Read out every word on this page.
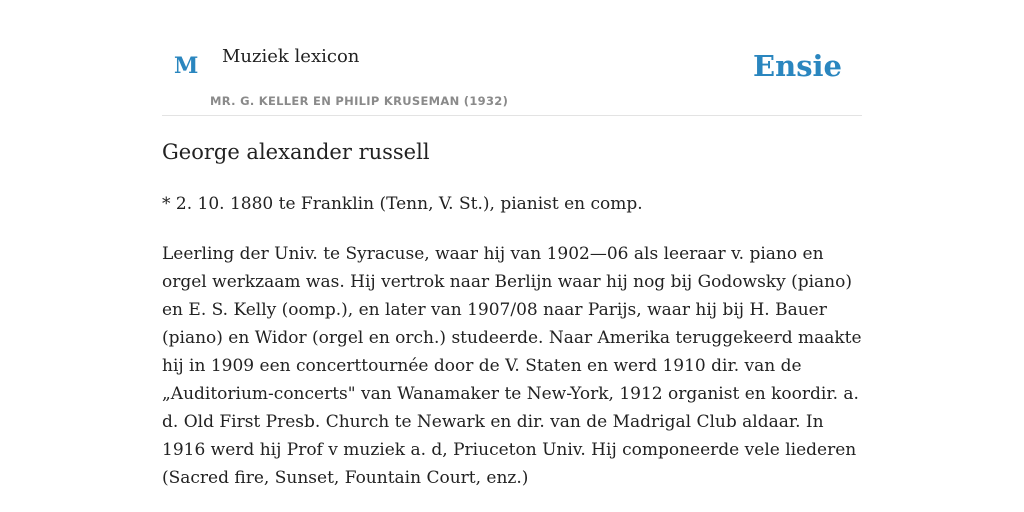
M Muziek lexicon
MR. G. KELLER EN PHILIP KRUSEMAN (1932)
Ensie
George alexander russell

* 2. 10. 1880 te Franklin (Tenn, V. St.), pianist en comp.

Leerling der Univ. te Syracuse, waar hij van 1902—06 als leeraar v. piano en orgel werkzaam was. Hij vertrok naar Berlijn waar hij nog bij Godowsky (piano) en E. S. Kelly (oomp.), en later van 1907/08 naar Parijs, waar hij bij H. Bauer (piano) en Widor (orgel en orch.) studeerde. Naar Amerika teruggekeerd maakte hij in 1909 een concerttournée door de V. Staten en werd 1910 dir. van de „Auditorium-concerts" van Wanamaker te New-York, 1912 organist en koordir. a. d. Old First Presb. Church te Newark en dir. van de Madrigal Club aldaar. In 1916 werd hij Prof v muziek a. d, Priuceton Univ. Hij componeerde vele liederen (Sacred fire, Sunset, Fountain Court, enz.)
